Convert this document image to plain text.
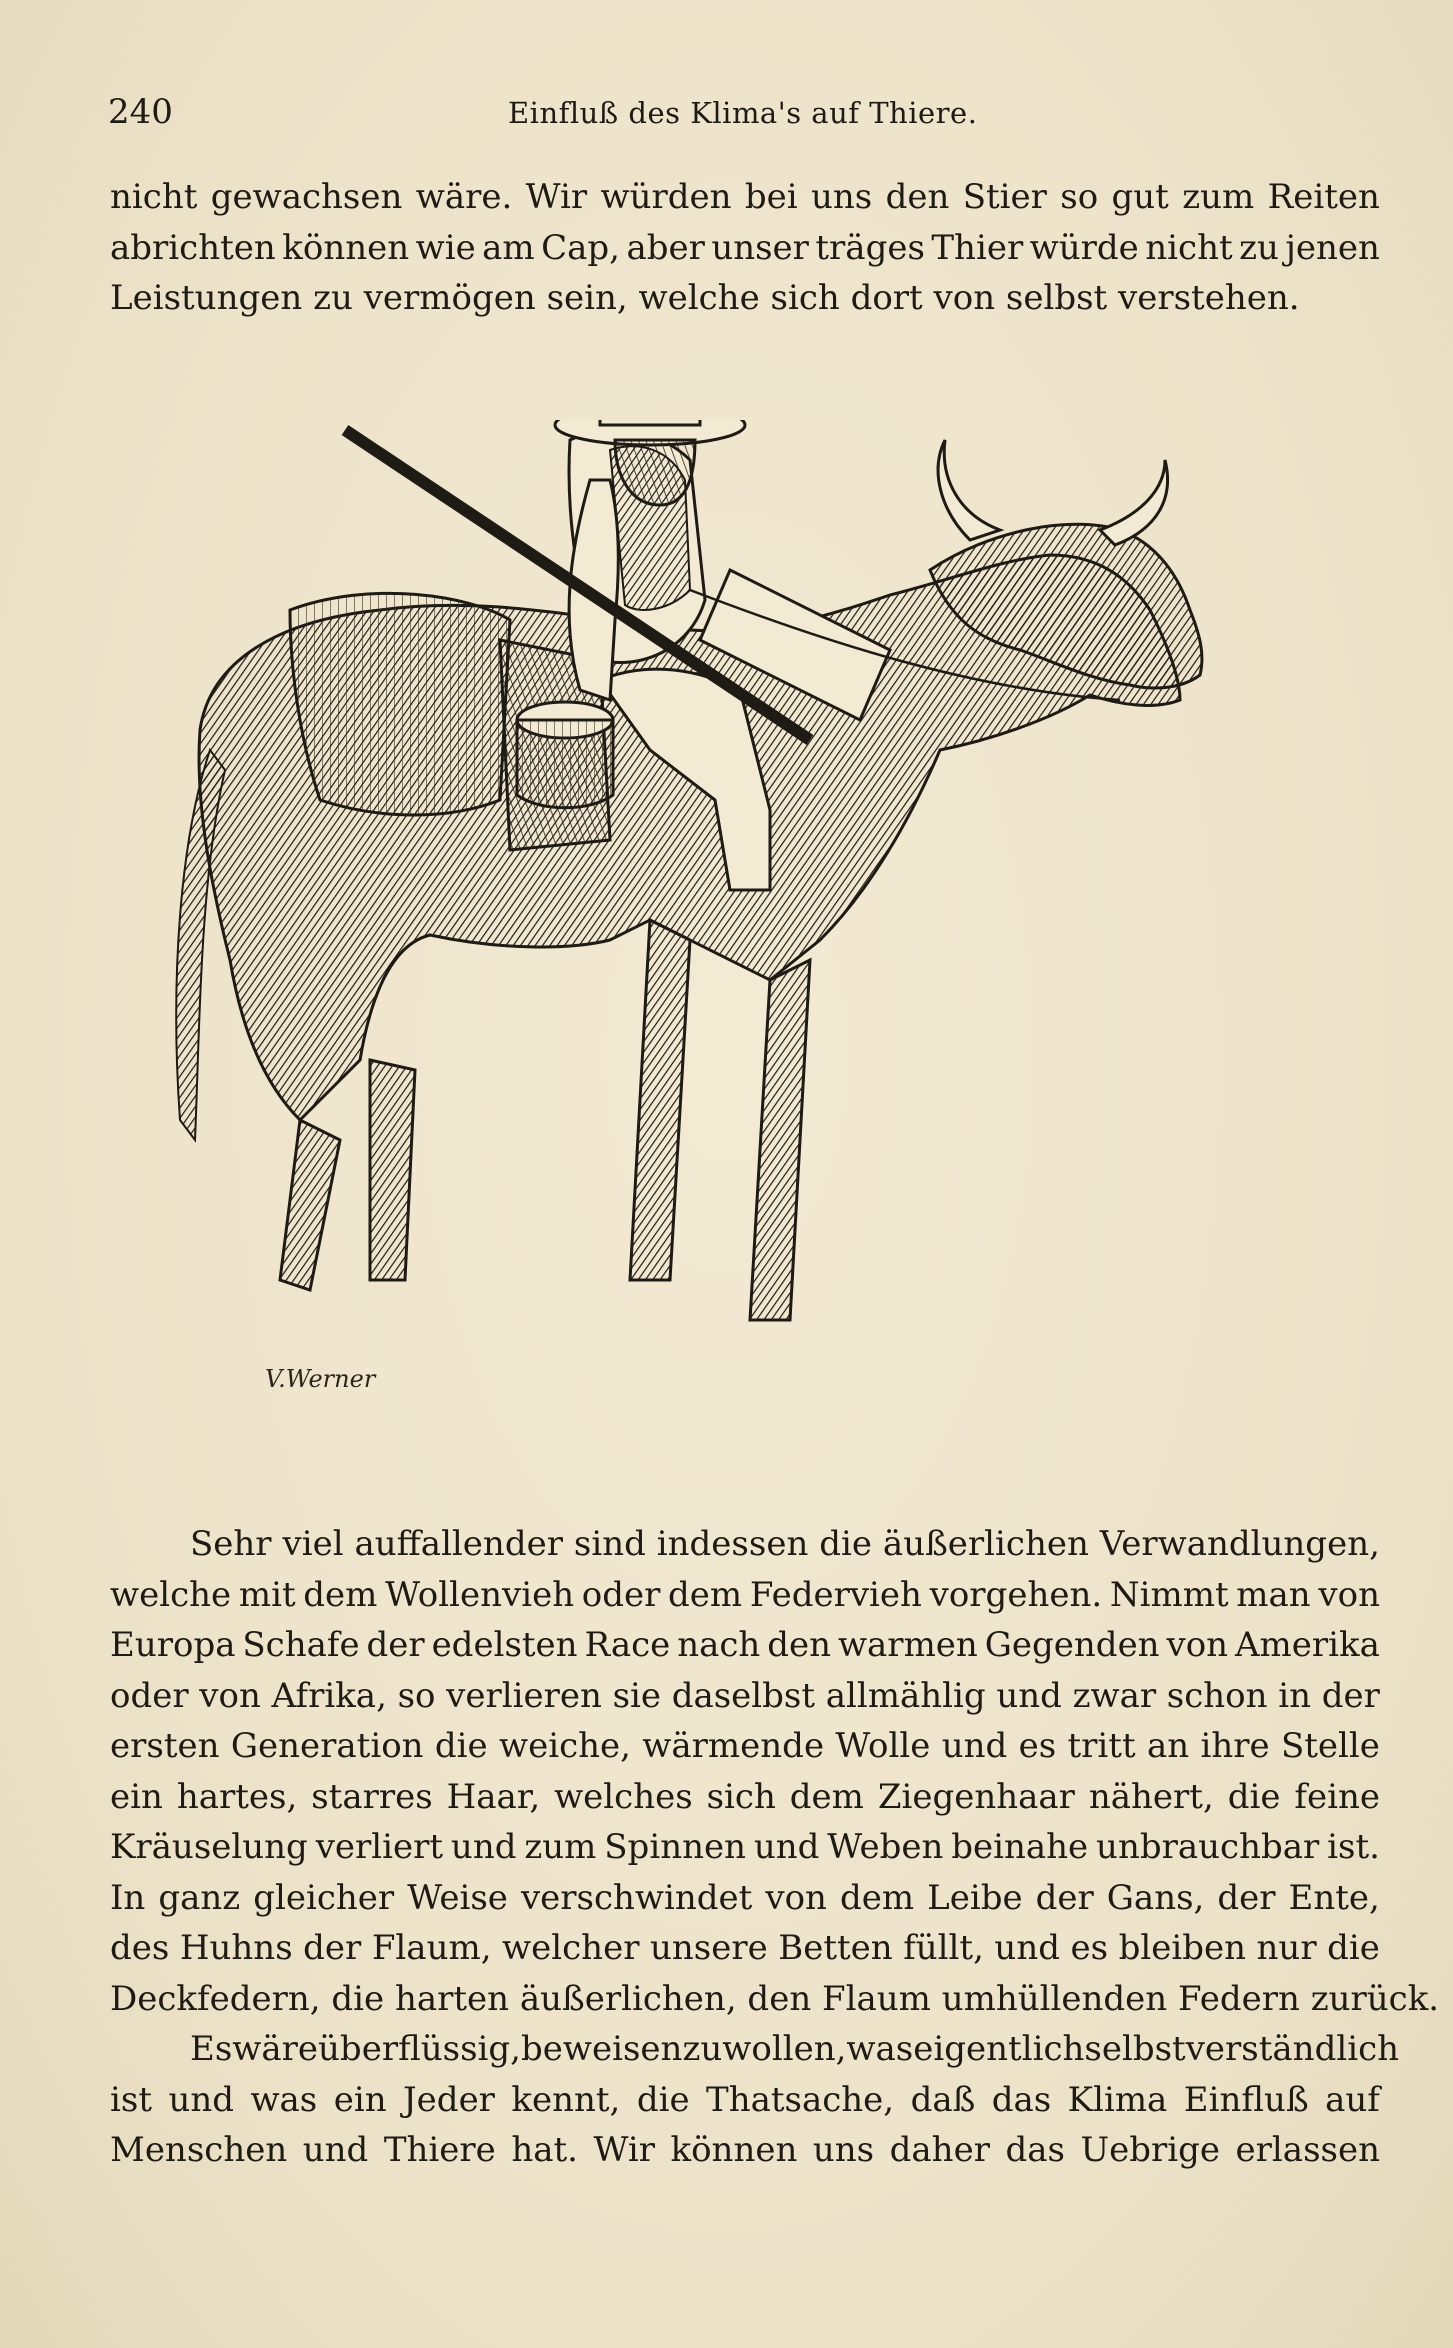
240	Einfluß des Klima's auf Thiere.
nicht gewachsen wäre. Wir würden bei uns den Stier so gut zum Reiten
abrichten können wie am Cap, aber unser träges Thier würde nicht zu jenen
Leistungen zu vermögen sein, welche sich dort von selbst verstehen.
V.Werner
Sehr viel auffallender sind indessen die äußerlichen Verwandlungen,
welche mit dem Wollenvieh oder dem Federvieh vorgehen. Nimmt man von
Europa Schafe der edelsten Race nach den warmen Gegenden von Amerika
oder von Afrika, so verlieren sie daselbst allmählig und zwar schon in der
ersten Generation die weiche, wärmende Wolle und es tritt an ihre Stelle
ein hartes, starres Haar, welches sich dem Ziegenhaar nähert, die feine
Kräuselung verliert und zum Spinnen und Weben beinahe unbrauchbar ist.
In ganz gleicher Weise verschwindet von dem Leibe der Gans, der Ente,
des Huhns der Flaum, welcher unsere Betten füllt, und es bleiben nur die
Deckfedern, die harten äußerlichen, den Flaum umhüllenden Federn zurück.
Es wäre überflüssig, beweisen zu wollen, was eigentlich selbstverständlich
ist und was ein Jeder kennt, die Thatsache, daß das Klima Einfluß auf
Menschen und Thiere hat. Wir können uns daher das Uebrige erlassen
